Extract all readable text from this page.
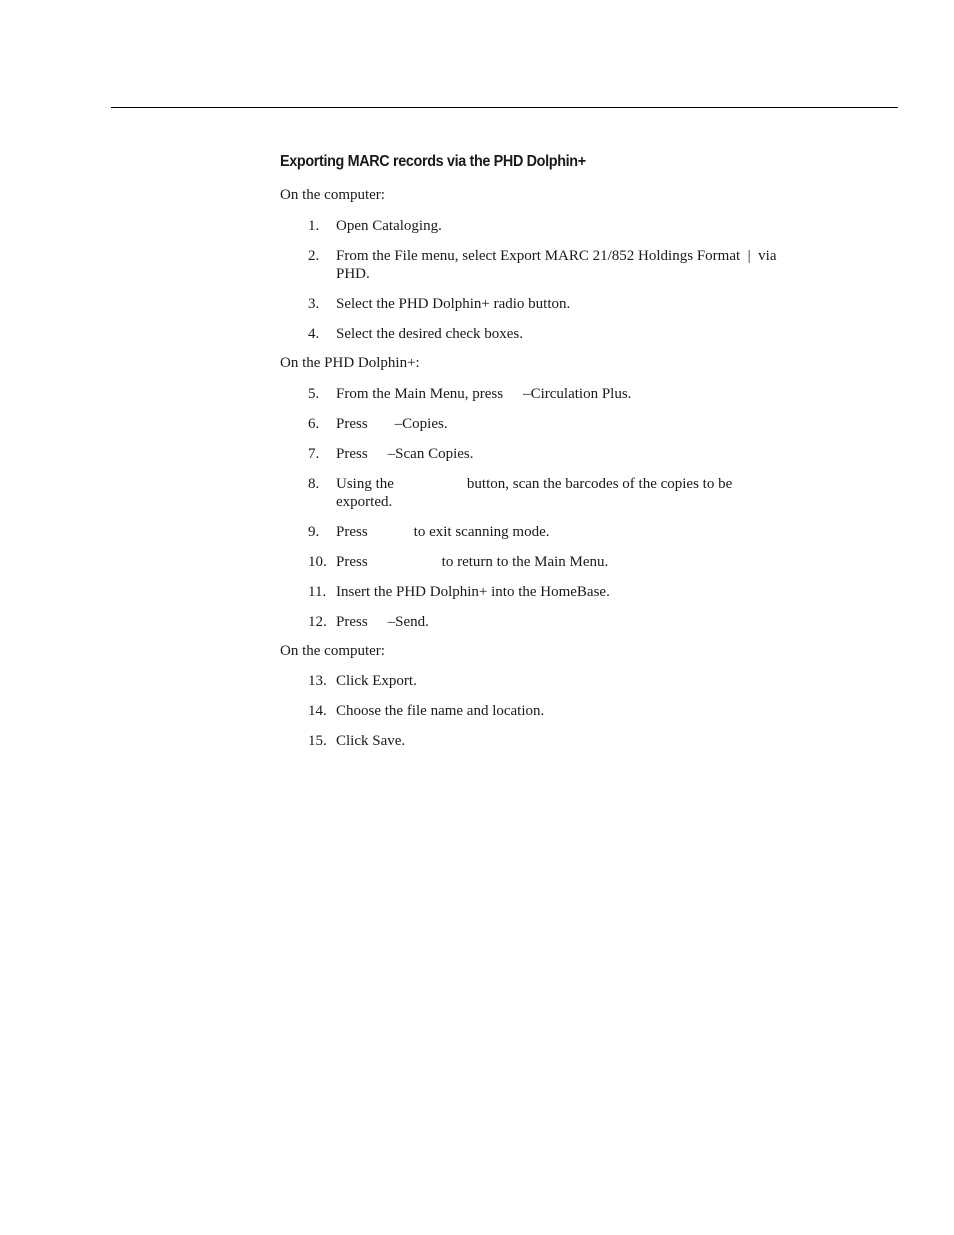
Exporting MARC records via the PHD Dolphin+

On the computer:

1. Open Cataloging.
2. From the File menu, select Export MARC 21/852 Holdings Format  |  via
PHD.
3. Select the PHD Dolphin+ radio button.
4. Select the desired check boxes.

On the PHD Dolphin+:

5. From the Main Menu, press –Circulation Plus.
6. Press –Copies.
7. Press –Scan Copies.
8. Using the	button, scan the barcodes of the copies to be
exported.
9. Press	to exit scanning mode.
10. Press	to return to the Main Menu.
11. Insert the PHD Dolphin+ into the HomeBase.
12. Press –Send.

On the computer:

13. Click Export.
14. Choose the file name and location.
15. Click Save.
